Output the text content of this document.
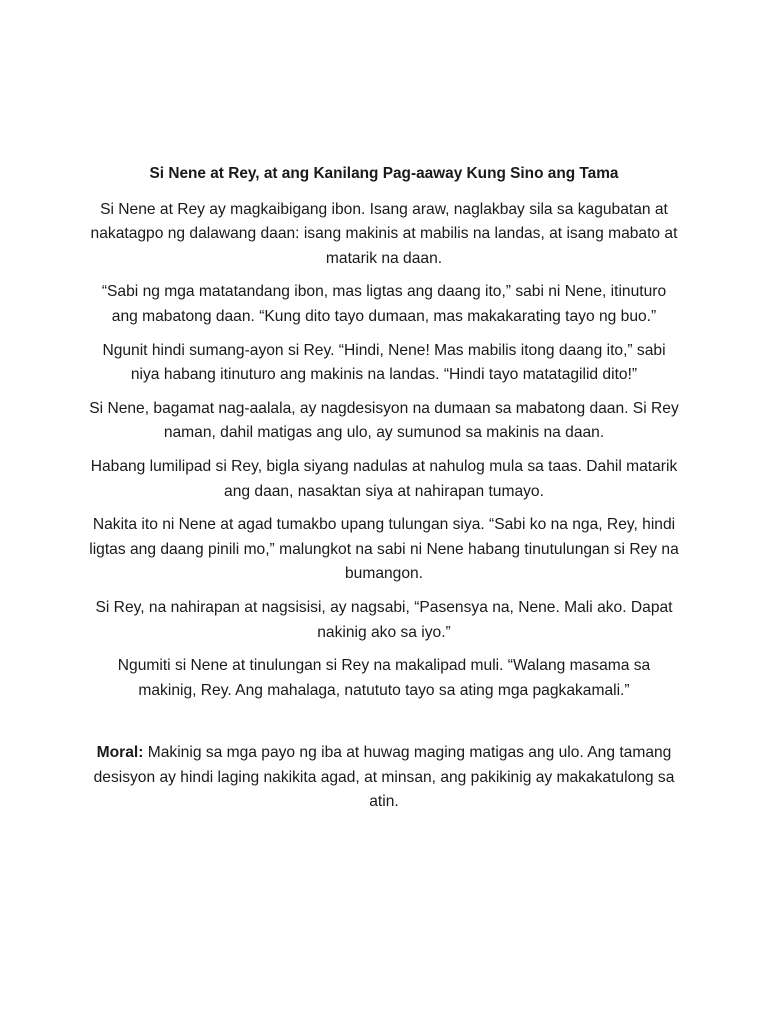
Si Nene at Rey, at ang Kanilang Pag-aaway Kung Sino ang Tama

Si Nene at Rey ay magkaibigang ibon. Isang araw, naglakbay sila sa kagubatan at nakatagpo ng dalawang daan: isang makinis at mabilis na landas, at isang mabato at matarik na daan.

“Sabi ng mga matatandang ibon, mas ligtas ang daang ito,” sabi ni Nene, itinuturo ang mabatong daan. “Kung dito tayo dumaan, mas makakarating tayo ng buo.”

Ngunit hindi sumang-ayon si Rey. “Hindi, Nene! Mas mabilis itong daang ito,” sabi niya habang itinuturo ang makinis na landas. “Hindi tayo matatagilid dito!”

Si Nene, bagamat nag-aalala, ay nagdesisyon na dumaan sa mabatong daan. Si Rey naman, dahil matigas ang ulo, ay sumunod sa makinis na daan.

Habang lumilipad si Rey, bigla siyang nadulas at nahulog mula sa taas. Dahil matarik ang daan, nasaktan siya at nahirapan tumayo.

Nakita ito ni Nene at agad tumakbo upang tulungan siya. “Sabi ko na nga, Rey, hindi ligtas ang daang pinili mo,” malungkot na sabi ni Nene habang tinutulungan si Rey na bumangon.

Si Rey, na nahirapan at nagsisisi, ay nagsabi, “Pasensya na, Nene. Mali ako. Dapat nakinig ako sa iyo.”

Ngumiti si Nene at tinulungan si Rey na makalipad muli. “Walang masama sa makinig, Rey. Ang mahalaga, natututo tayo sa ating mga pagkakamali.”

Moral: Makinig sa mga payo ng iba at huwag maging matigas ang ulo. Ang tamang desisyon ay hindi laging nakikita agad, at minsan, ang pakikinig ay makakatulong sa atin.
